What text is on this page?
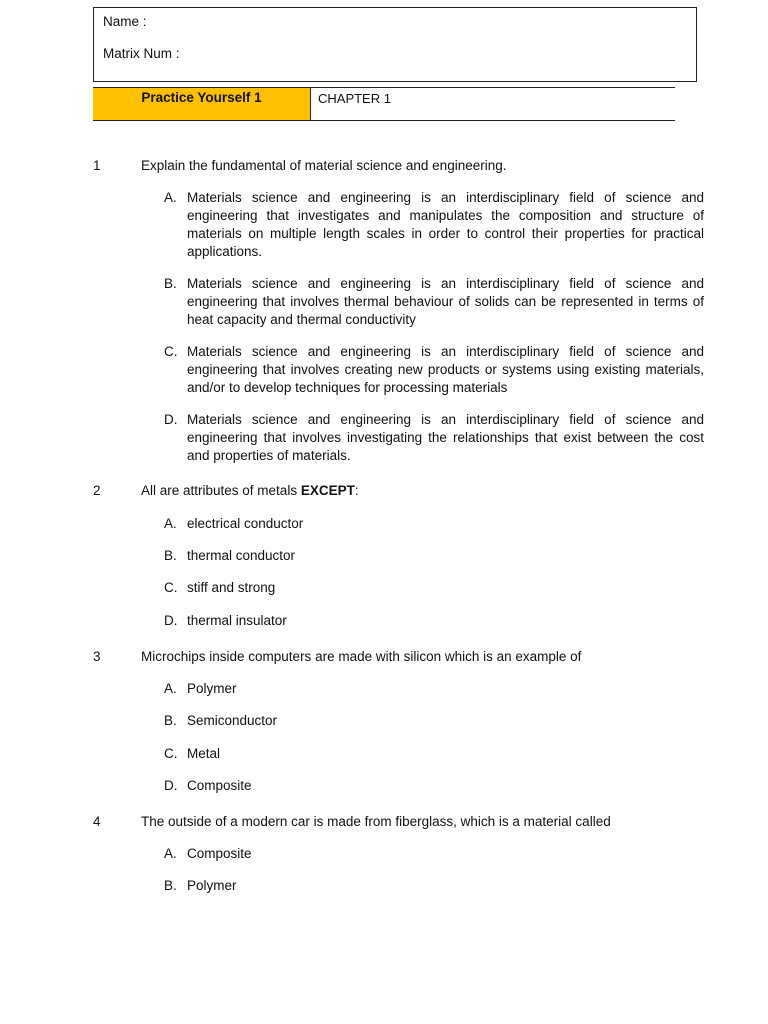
Name :
Matrix Num :
Practice Yourself 1	CHAPTER 1
1	Explain the fundamental of material science and engineering.
A. Materials science and engineering is an interdisciplinary field of science and engineering that investigates and manipulates the composition and structure of materials on multiple length scales in order to control their properties for practical applications.
B. Materials science and engineering is an interdisciplinary field of science and engineering that involves thermal behaviour of solids can be represented in terms of heat capacity and thermal conductivity
C. Materials science and engineering is an interdisciplinary field of science and engineering that involves creating new products or systems using existing materials, and/or to develop techniques for processing materials
D. Materials science and engineering is an interdisciplinary field of science and engineering that involves investigating the relationships that exist between the cost and properties of materials.
2	All are attributes of metals EXCEPT:
A. electrical conductor
B. thermal conductor
C. stiff and strong
D. thermal insulator
3	Microchips inside computers are made with silicon which is an example of
A. Polymer
B. Semiconductor
C. Metal
D. Composite
4	The outside of a modern car is made from fiberglass, which is a material called
A. Composite
B. Polymer
